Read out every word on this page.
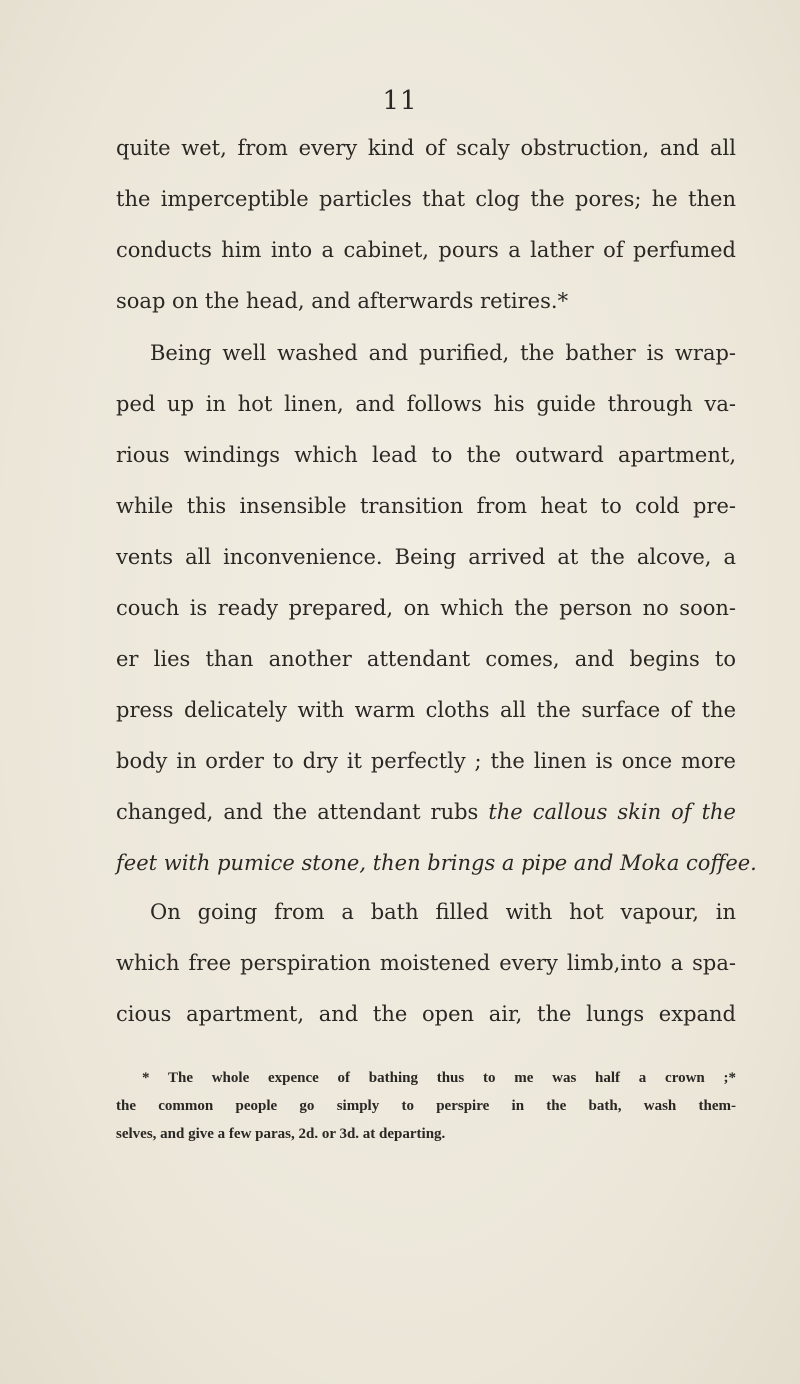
11
quite wet, from every kind of scaly obstruction, and all
the imperceptible particles that clog the pores; he then
conducts him into a cabinet, pours a lather of perfumed
soap on the head, and afterwards retires.*
Being well washed and purified, the bather is wrap-
ped up in hot linen, and follows his guide through va-
rious windings which lead to the outward apartment,
while this insensible transition from heat to cold pre-
vents all inconvenience. Being arrived at the alcove, a
couch is ready prepared, on which the person no soon-
er lies than another attendant comes, and begins to
press delicately with warm cloths all the surface of the
body in order to dry it perfectly ; the linen is once more
changed, and the attendant rubs the callous skin of the
feet with pumice stone, then brings a pipe and Moka coffee.
On going from a bath filled with hot vapour, in
which free perspiration moistened every limb,into a spa-
cious apartment, and the open air, the lungs expand
* The whole expence of bathing thus to me was half a crown ;*
the common people go simply to perspire in the bath, wash them-
selves, and give a few paras, 2d. or 3d. at departing.
